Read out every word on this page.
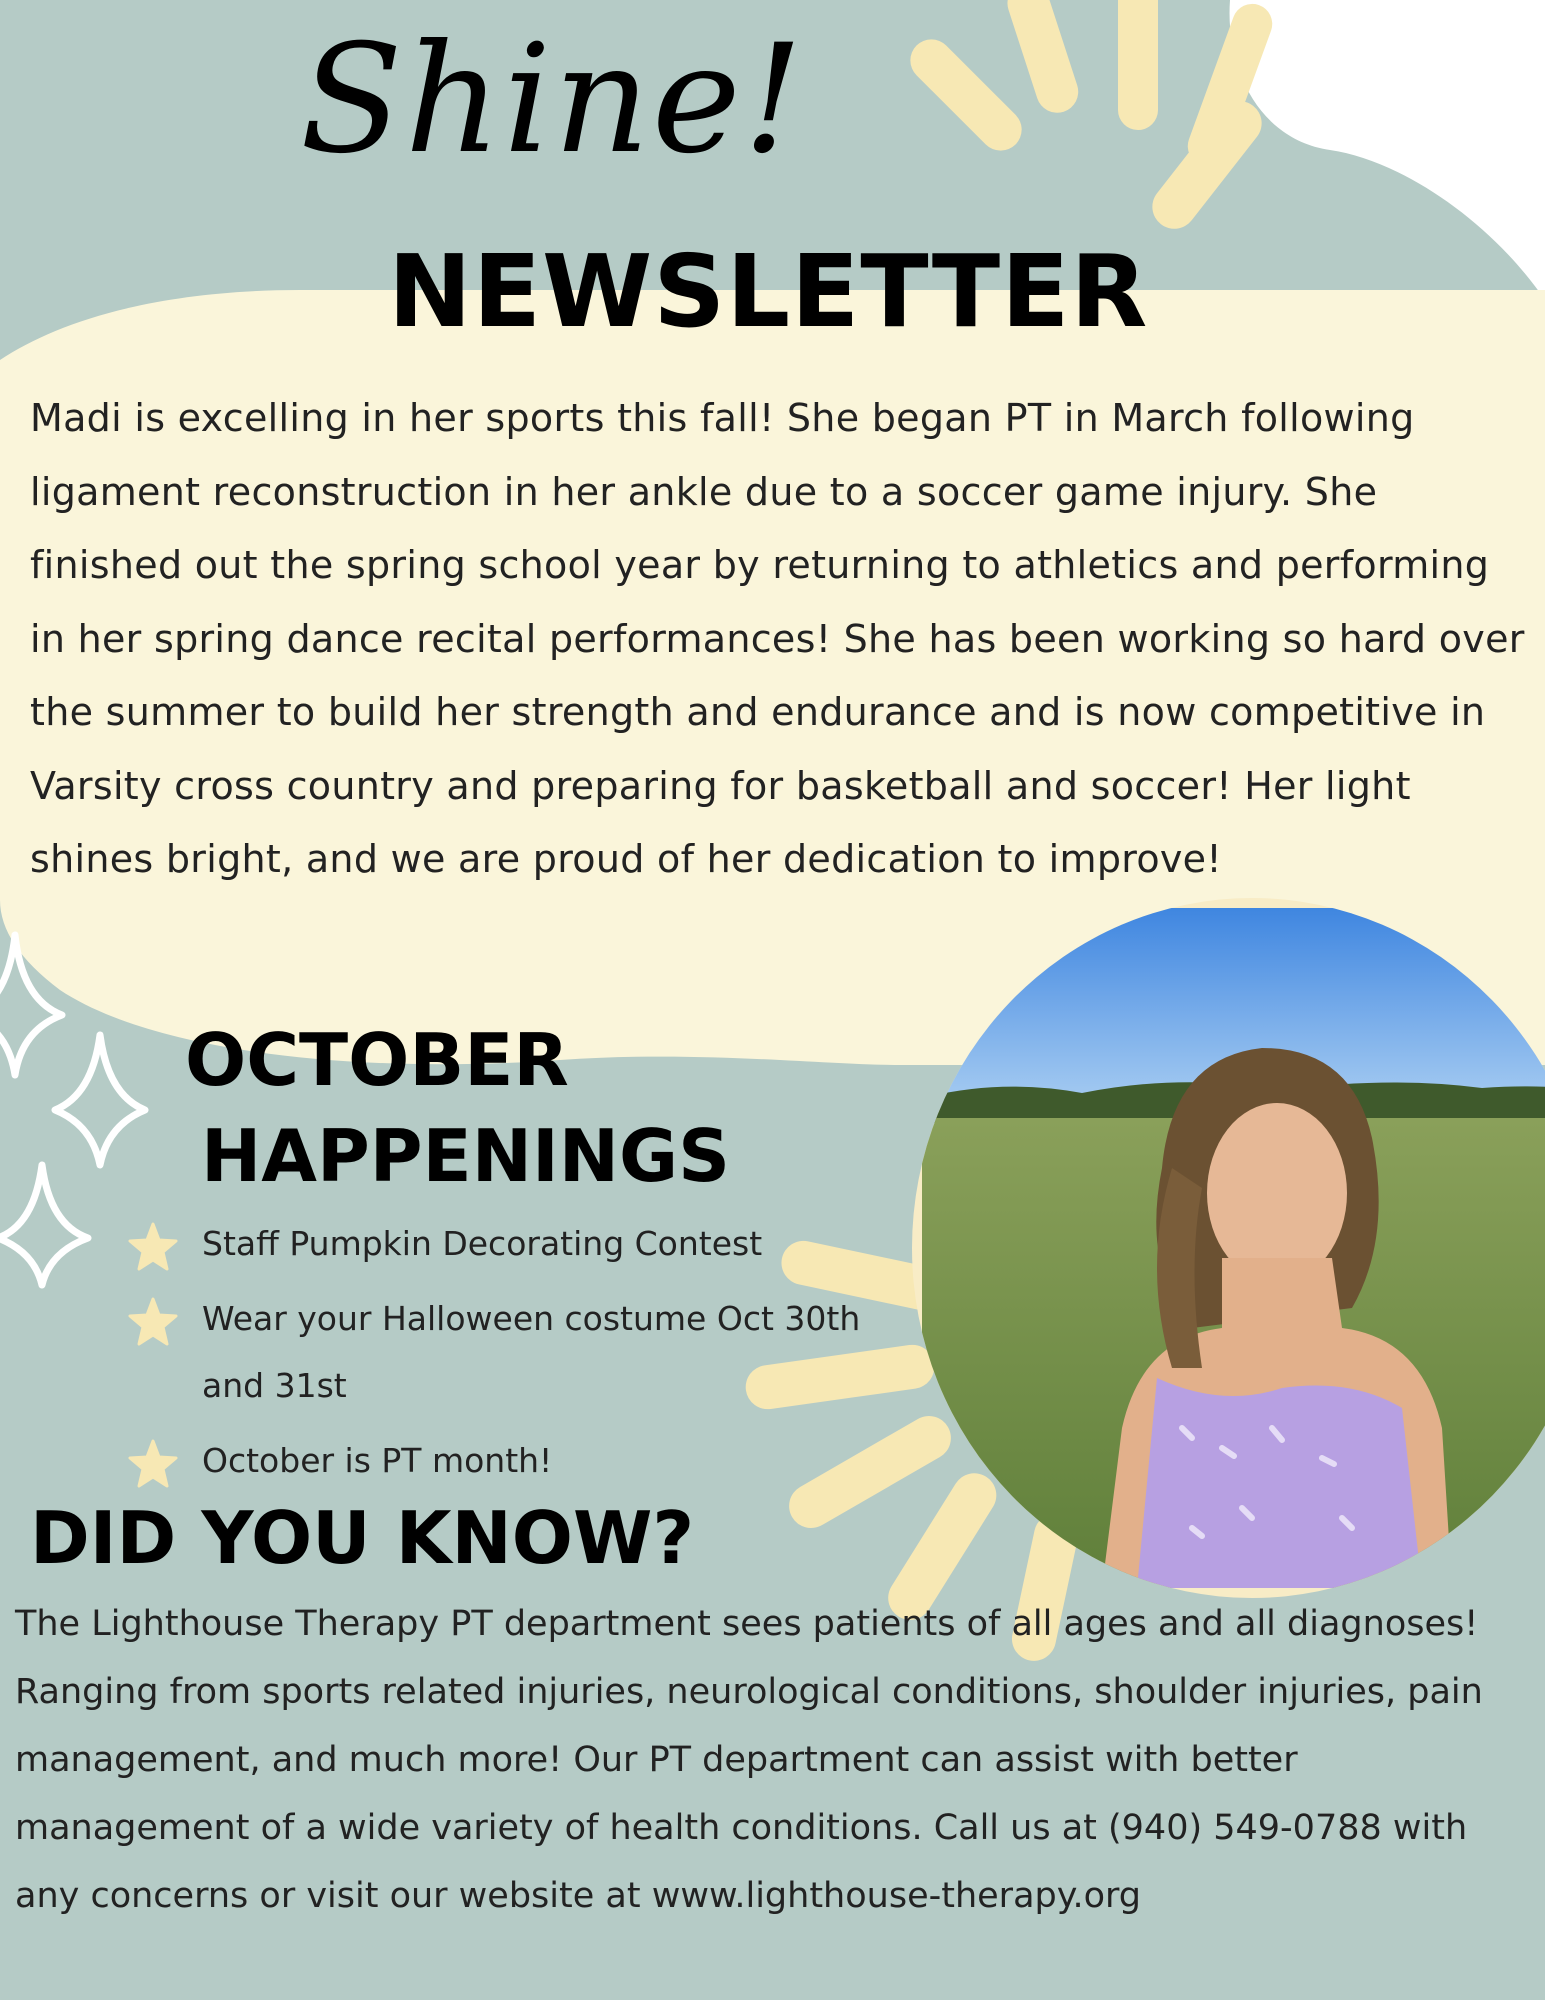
Shine!
NEWSLETTER

Madi is excelling in her sports this fall! She began PT in March following ligament reconstruction in her ankle due to a soccer game injury. She finished out the spring school year by returning to athletics and performing in her spring dance recital performances! She has been working so hard over the summer to build her strength and endurance and is now competitive in Varsity cross country and preparing for basketball and soccer! Her light shines bright, and we are proud of her dedication to improve!

OCTOBER
HAPPENINGS
Staff Pumpkin Decorating Contest
Wear your Halloween costume Oct 30th and 31st
October is PT month!
DID YOU KNOW?

The Lighthouse Therapy PT department sees patients of all ages and all diagnoses! Ranging from sports related injuries, neurological conditions, shoulder injuries, pain management, and much more! Our PT department can assist with better management of a wide variety of health conditions. Call us at (940) 549-0788 with any concerns or visit our website at www.lighthouse-therapy.org
